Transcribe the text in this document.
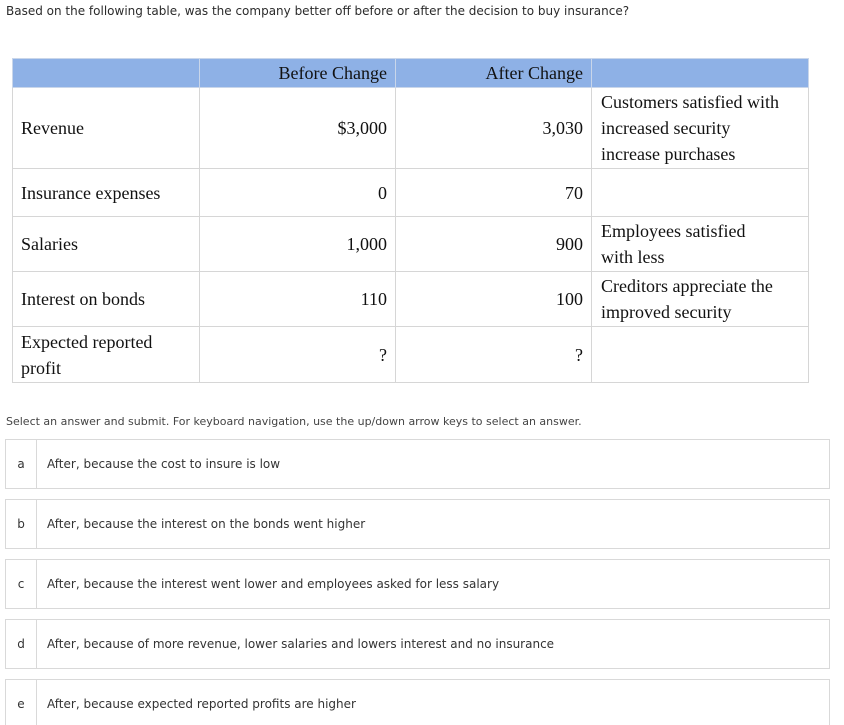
Based on the following table, was the company better off before or after the decision to buy insurance?
	Before Change	After Change	
Revenue	$3,000	3,030	Customers satisfied with
increased security
increase purchases

Insurance expenses	0	70	
Salaries	1,000	900	Employees satisfied
with less

Interest on bonds	110	100	Creditors appreciate the
improved security

Expected reported
profit	?	?	
Select an answer and submit. For keyboard navigation, use the up/down arrow keys to select an answer.
a	After, because the cost to insure is low
b	After, because the interest on the bonds went higher
c	After, because the interest went lower and employees asked for less salary
d	After, because of more revenue, lower salaries and lowers interest and no insurance
e	After, because expected reported profits are higher
